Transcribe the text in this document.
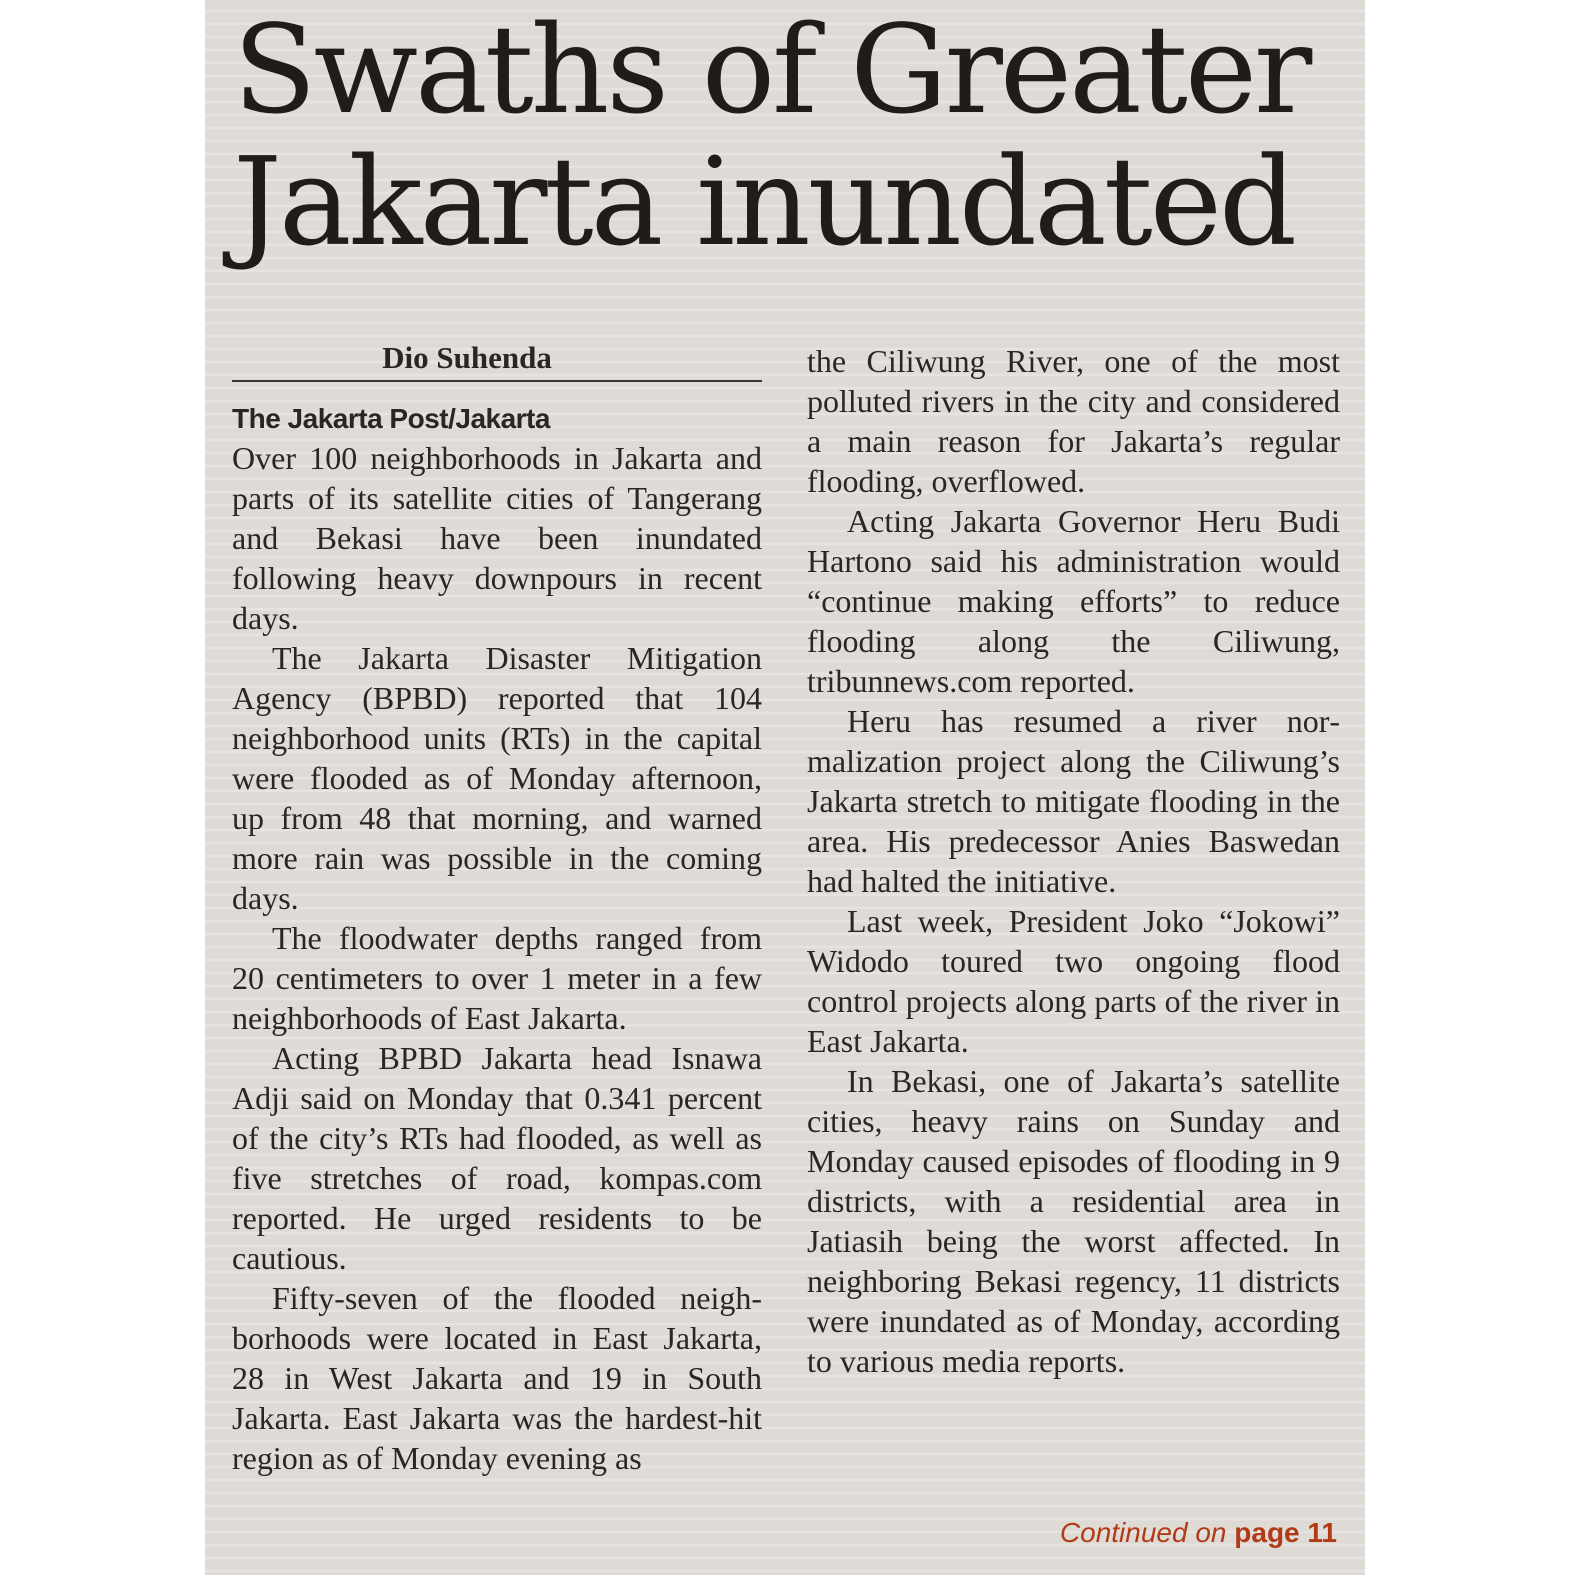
Swaths of Greater
Jakarta inundated
Dio Suhenda
The Jakarta Post/Jakarta

Over 100 neighborhoods in Jakarta and parts of its satellite cities of Tangerang and Bekasi have been inundated following heavy downpours in recent days.

The Jakarta Disaster Mitigation Agency (BPBD) reported that 104 neighborhood units (RTs) in the capital were flooded as of Monday afternoon, up from 48 that morning, and warned more rain was possible in the coming days.

The floodwater depths ranged from 20 centimeters to over 1 meter in a few neighborhoods of East Jakarta.

Acting BPBD Jakarta head Isnawa Adji said on Monday that 0.341 percent of the city’s RTs had flooded, as well as five stretches of road, kompas.com reported. He urged residents to be cautious.

Fifty-seven of the flooded neighborhoods were located in East Jakarta, 28 in West Jakarta and 19 in South Jakarta. East Jakarta was the hardest-hit region as of Monday evening as

the Ciliwung River, one of the most polluted rivers in the city and considered a main reason for Jakarta’s regular flooding, overflowed.

Acting Jakarta Governor Heru Budi Hartono said his administration would “continue making efforts” to reduce flooding along the Ciliwung, tribunnews.com reported.

Heru has resumed a river normalization project along the Ciliwung’s Jakarta stretch to mitigate flooding in the area. His predecessor Anies Baswedan had halted the initiative.

Last week, President Joko “Jokowi” Widodo toured two ongoing flood control projects along parts of the river in East Jakarta.

In Bekasi, one of Jakarta’s satellite cities, heavy rains on Sunday and Monday caused episodes of flooding in 9 districts, with a residential area in Jatiasih being the worst affected. In neighboring Bekasi regency, 11 districts were inundated as of Monday, according to various media reports.

Continued on page 11
